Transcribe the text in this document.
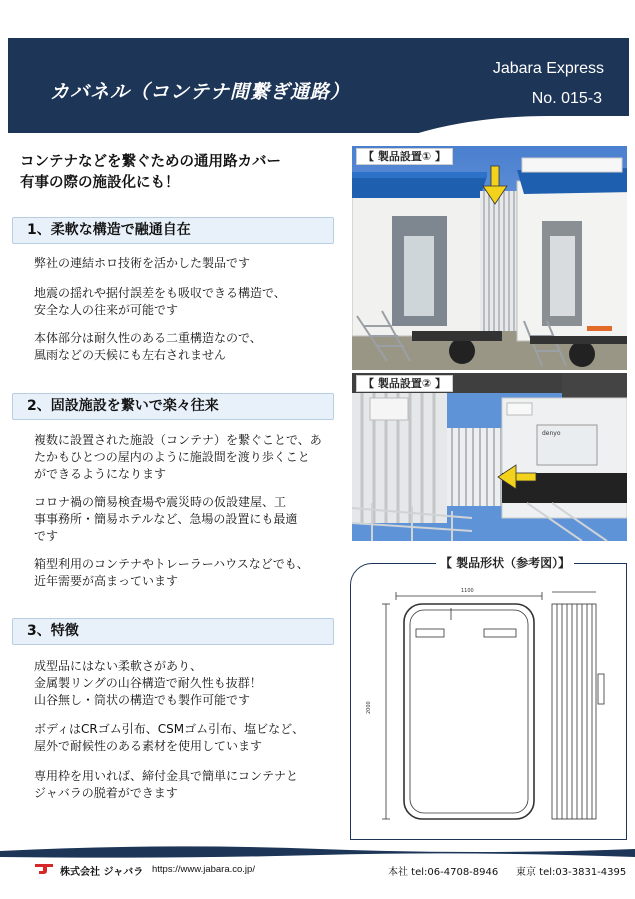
カバネル（コンテナ間繋ぎ通路）
Jabara Express
No. 015-3
コンテナなどを繋ぐための通用路カバー
有事の際の施設化にも！
1、柔軟な構造で融通自在
弊社の連結ホロ技術を活かした製品です
地震の揺れや据付誤差をも吸収できる構造で、
安全な人の往来が可能です
本体部分は耐久性のある二重構造なので、
風雨などの天候にも左右されません
2、固設施設を繋いで楽々往来
複数に設置された施設（コンテナ）を繋ぐことで、あ
たかもひとつの屋内のように施設間を渡り歩くこと
ができるようになります
コロナ禍の簡易検査場や震災時の仮設建屋、工
事事務所・簡易ホテルなど、急場の設置にも最適
です
箱型利用のコンテナやトレーラーハウスなどでも、
近年需要が高まっています
3、特徴
成型品にはない柔軟さがあり、
金属製リングの山谷構造で耐久性も抜群！
山谷無し・筒状の構造でも製作可能です
ボディはCRゴム引布、CSMゴム引布、塩ビなど、
屋外で耐候性のある素材を使用しています
専用枠を用いれば、締付金具で簡単にコンテナと
ジャバラの脱着ができます
【 製品設置① 】
【 製品設置② 】
denyo
【 製品形状（参考図）】
1100
2000
株式会社 ジャバラ https://www.jabara.co.jp/	本社 tel:06-4708-8946 東京 tel:03-3831-4395
